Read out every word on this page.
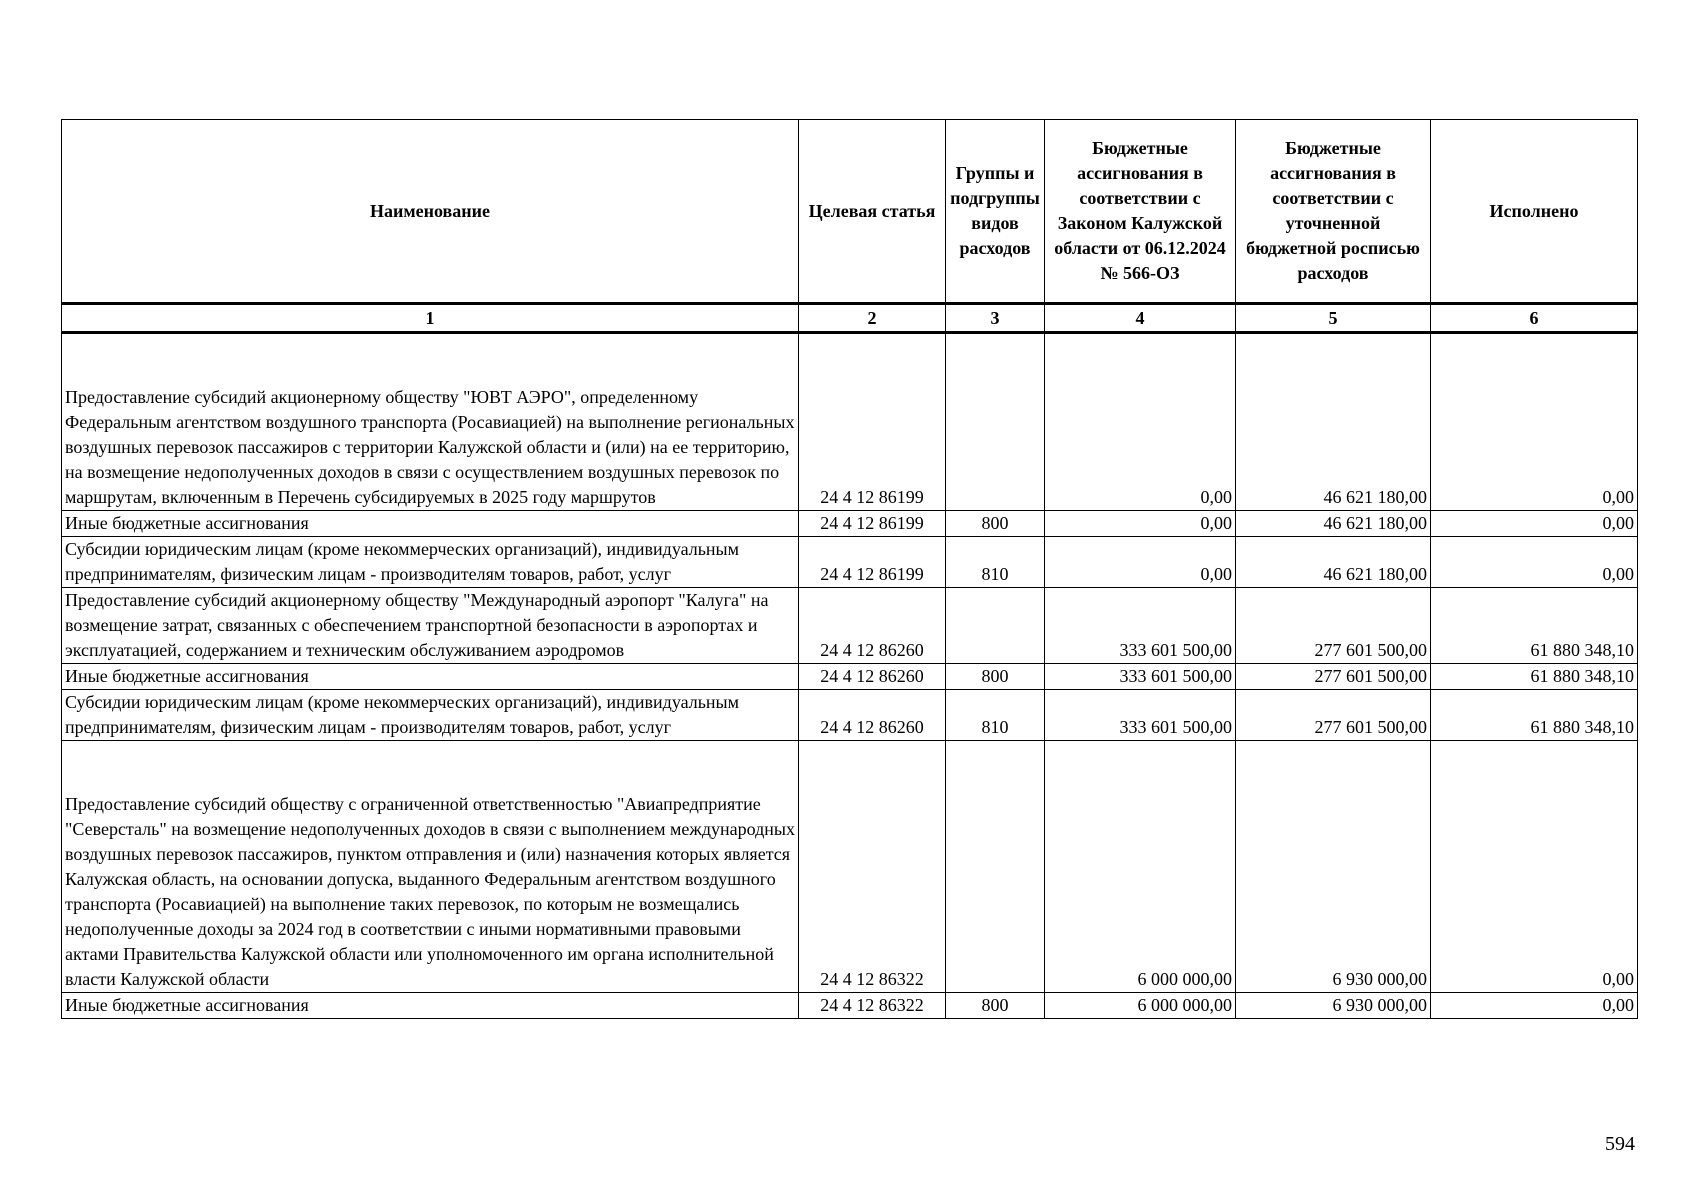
Наименование	Целевая статья	Группы и подгруппы видов расходов	Бюджетные ассигнования в соответствии с Законом Калужской области от 06.12.2024 № 566-ОЗ	Бюджетные ассигнования в соответствии с уточненной бюджетной росписью расходов	Исполнено
1	2	3	4	5	6
Предоставление субсидий акционерному обществу "ЮВТ АЭРО", определенному Федеральным агентством воздушного транспорта (Росавиацией) на выполнение региональных воздушных перевозок пассажиров с территории Калужской области и (или) на ее территорию, на возмещение недополученных доходов в связи с осуществлением воздушных перевозок по маршрутам, включенным в Перечень субсидируемых в 2025 году маршрутов	24 4 12 86199		0,00	46 621 180,00	0,00
Иные бюджетные ассигнования	24 4 12 86199	800	0,00	46 621 180,00	0,00
Субсидии юридическим лицам (кроме некоммерческих организаций), индивидуальным предпринимателям, физическим лицам - производителям товаров, работ, услуг	24 4 12 86199	810	0,00	46 621 180,00	0,00
Предоставление субсидий акционерному обществу "Международный аэропорт "Калуга" на возмещение затрат, связанных с обеспечением транспортной безопасности в аэропортах и эксплуатацией, содержанием и техническим обслуживанием аэродромов	24 4 12 86260		333 601 500,00	277 601 500,00	61 880 348,10
Иные бюджетные ассигнования	24 4 12 86260	800	333 601 500,00	277 601 500,00	61 880 348,10
Субсидии юридическим лицам (кроме некоммерческих организаций), индивидуальным предпринимателям, физическим лицам - производителям товаров, работ, услуг	24 4 12 86260	810	333 601 500,00	277 601 500,00	61 880 348,10
Предоставление субсидий обществу с ограниченной ответственностью "Авиапредприятие "Северсталь" на возмещение недополученных доходов в связи с выполнением международных воздушных перевозок пассажиров, пунктом отправления и (или) назначения которых является Калужская область, на основании допуска, выданного Федеральным агентством воздушного транспорта (Росавиацией) на выполнение таких перевозок, по которым не возмещались недополученные доходы за 2024 год в соответствии с иными нормативными правовыми актами Правительства Калужской области или уполномоченного им органа исполнительной власти Калужской области	24 4 12 86322		6 000 000,00	6 930 000,00	0,00
Иные бюджетные ассигнования	24 4 12 86322	800	6 000 000,00	6 930 000,00	0,00
594
